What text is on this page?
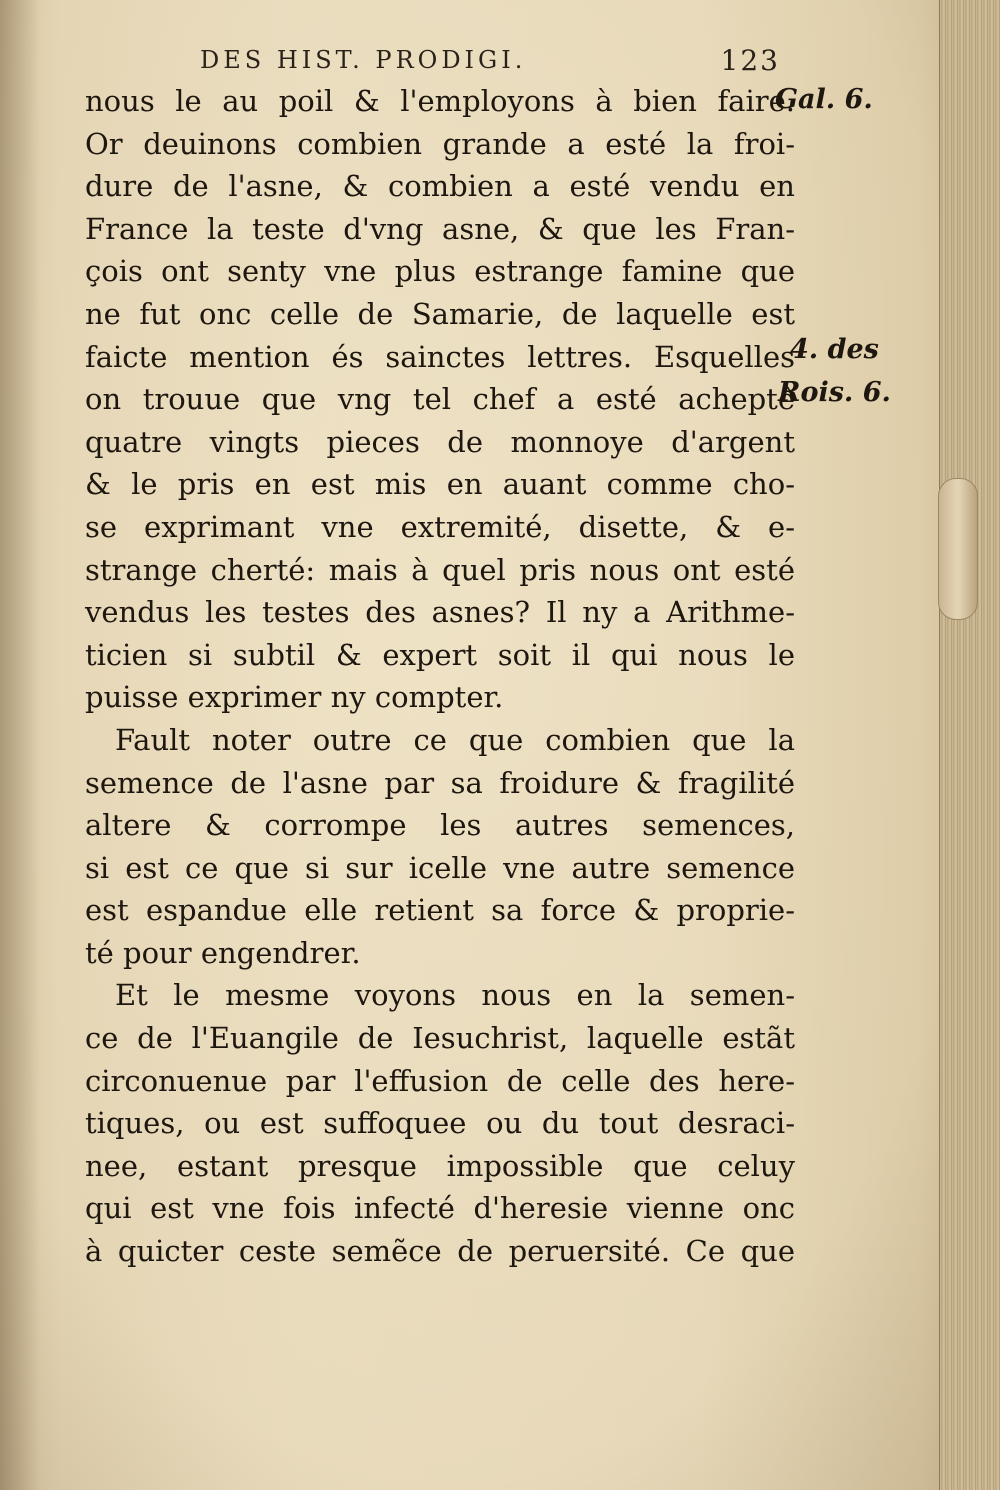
DES HIST. PRODIGI.	123
nous le au poil & l'employons à bien faire.
Or deuinons combien grande a esté la froi-
dure de l'asne, & combien a esté vendu en
France la teste d'vng asne, & que les Fran-
çois ont senty vne plus estrange famine que
ne fut onc celle de Samarie, de laquelle est
faicte mention és sainctes lettres. Esquelles
on trouue que vng tel chef a esté acheptê
quatre vingts pieces de monnoye d'argent
& le pris en est mis en auant comme cho-
se exprimant vne extremité, disette, & e-
strange cherté: mais à quel pris nous ont esté
vendus les testes des asnes? Il ny a Arithme-
ticien si subtil & expert soit il qui nous le
puisse exprimer ny compter.
Fault noter outre ce que combien que la
semence de l'asne par sa froidure & fragilité
altere & corrompe les autres semences,
si est ce que si sur icelle vne autre semence
est espandue elle retient sa force & proprie-
té pour engendrer.
Et le mesme voyons nous en la semen-
ce de l'Euangile de Iesuchrist, laquelle estãt
circonuenue par l'effusion de celle des here-
tiques, ou est suffoquee ou du tout desraci-
nee, estant presque impossible que celuy
qui est vne fois infecté d'heresie vienne onc
à quicter ceste semẽce de peruersité. Ce que
Gal. 6.
4. des
Rois. 6.
